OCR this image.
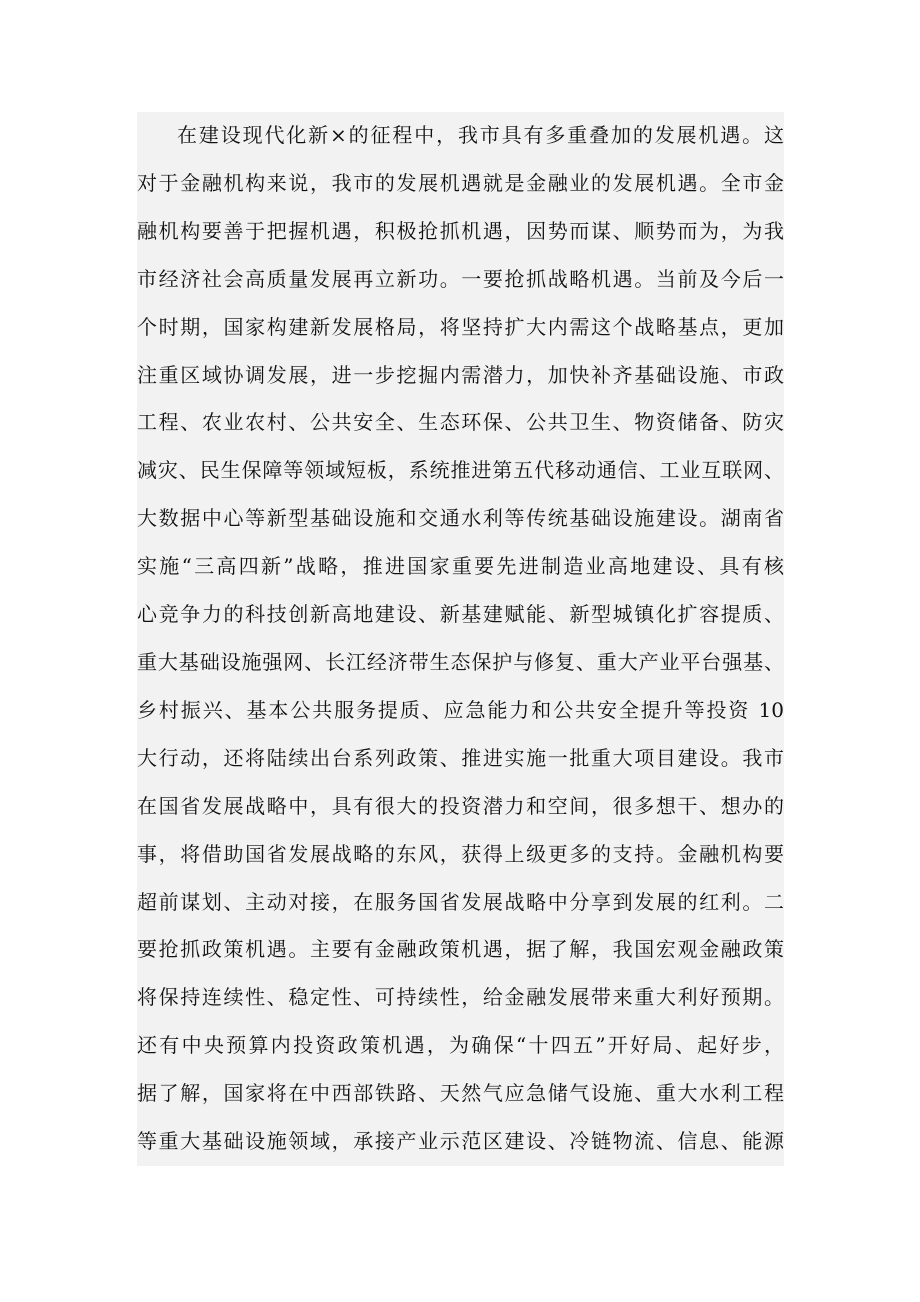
在建设现代化新×的征程中，我市具有多重叠加的发展机遇。这
对于金融机构来说，我市的发展机遇就是金融业的发展机遇。全市金
融机构要善于把握机遇，积极抢抓机遇，因势而谋、顺势而为，为我
市经济社会高质量发展再立新功。一要抢抓战略机遇。当前及今后一
个时期，国家构建新发展格局，将坚持扩大内需这个战略基点，更加
注重区域协调发展，进一步挖掘内需潜力，加快补齐基础设施、市政
工程、农业农村、公共安全、生态环保、公共卫生、物资储备、防灾
减灾、民生保障等领域短板，系统推进第五代移动通信、工业互联网、
大数据中心等新型基础设施和交通水利等传统基础设施建设。湖南省
实施“三高四新”战略，推进国家重要先进制造业高地建设、具有核
心竞争力的科技创新高地建设、新基建赋能、新型城镇化扩容提质、
重大基础设施强网、长江经济带生态保护与修复、重大产业平台强基、
乡村振兴、基本公共服务提质、应急能力和公共安全提升等投资 10
大行动，还将陆续出台系列政策、推进实施一批重大项目建设。我市
在国省发展战略中，具有很大的投资潜力和空间，很多想干、想办的
事，将借助国省发展战略的东风，获得上级更多的支持。金融机构要
超前谋划、主动对接，在服务国省发展战略中分享到发展的红利。二
要抢抓政策机遇。主要有金融政策机遇，据了解，我国宏观金融政策
将保持连续性、稳定性、可持续性，给金融发展带来重大利好预期。
还有中央预算内投资政策机遇，为确保“十四五”开好局、起好步，
据了解，国家将在中西部铁路、天然气应急储气设施、重大水利工程
等重大基础设施领域，承接产业示范区建设、冷链物流、信息、能源
